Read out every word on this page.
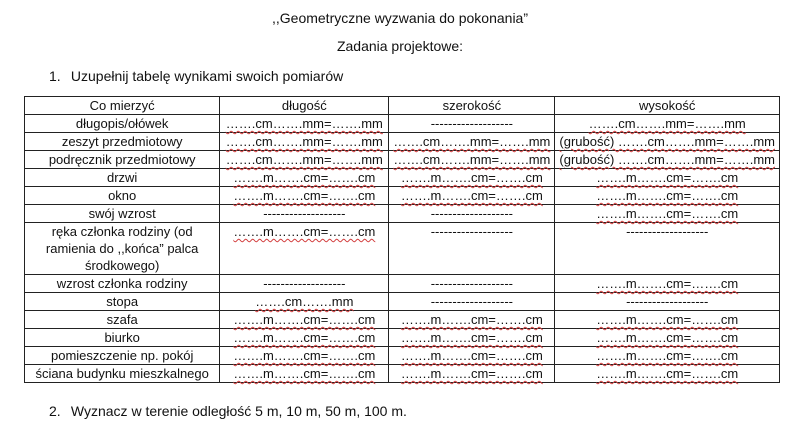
,,Geometryczne wyzwania do pokonania”
Zadania projektowe:
1. Uzupełnij tabelę wynikami swoich pomiarów
Co mierzyć	długość	szerokość	wysokość
długopis/ołówek	…….cm…….mm=…….mm	-------------------	…….cm…….mm=…….mm
zeszyt przedmiotowy	…….cm…….mm=…….mm	…….cm…….mm=…….mm	(grubość) …….cm…….mm=…….mm
podręcznik przedmiotowy	…….cm…….mm=…….mm	…….cm…….mm=…….mm	(grubość) …….cm…….mm=…….mm
drzwi	…….m…….cm=…….cm	…….m…….cm=…….cm	…….m…….cm=…….cm
okno	…….m…….cm=…….cm	…….m…….cm=…….cm	…….m…….cm=…….cm
swój wzrost	-------------------	-------------------	…….m…….cm=…….cm
ręka członka rodziny (od ramienia do ,,końca” palca środkowego)	…….m…….cm=…….cm	-------------------	-------------------
wzrost członka rodziny	-------------------	-------------------	…….m…….cm=…….cm
stopa	…….cm…….mm	-------------------	-------------------
szafa	…….m…….cm=…….cm	…….m…….cm=…….cm	…….m…….cm=…….cm
biurko	…….m…….cm=…….cm	…….m…….cm=…….cm	…….m…….cm=…….cm
pomieszczenie np. pokój	…….m…….cm=…….cm	…….m…….cm=…….cm	…….m…….cm=…….cm
ściana budynku mieszkalnego	…….m…….cm=…….cm	…….m…….cm=…….cm	…….m…….cm=…….cm
2. Wyznacz w terenie odległość 5 m, 10 m, 50 m, 100 m.
